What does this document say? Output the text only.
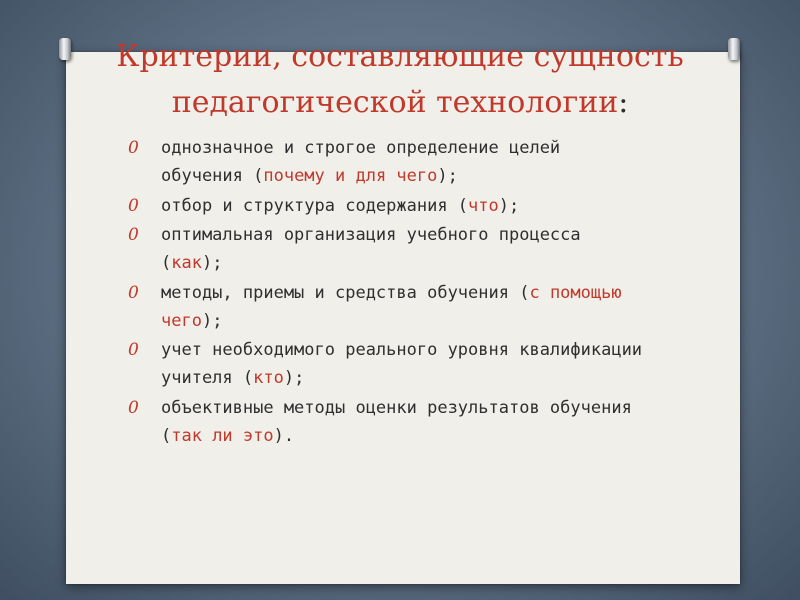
Критерии, составляющие сущность
педагогической технологии:
0 однозначное и строгое определение целей обучения (почему и для чего);
0 отбор и структура содержания (что);
0 оптимальная организация учебного процесса (как);
0 методы, приемы и средства обучения (с помощью чего);
0 учет необходимого реального уровня квалификации учителя (кто);
0 объективные методы оценки результатов обучения (так ли это).
